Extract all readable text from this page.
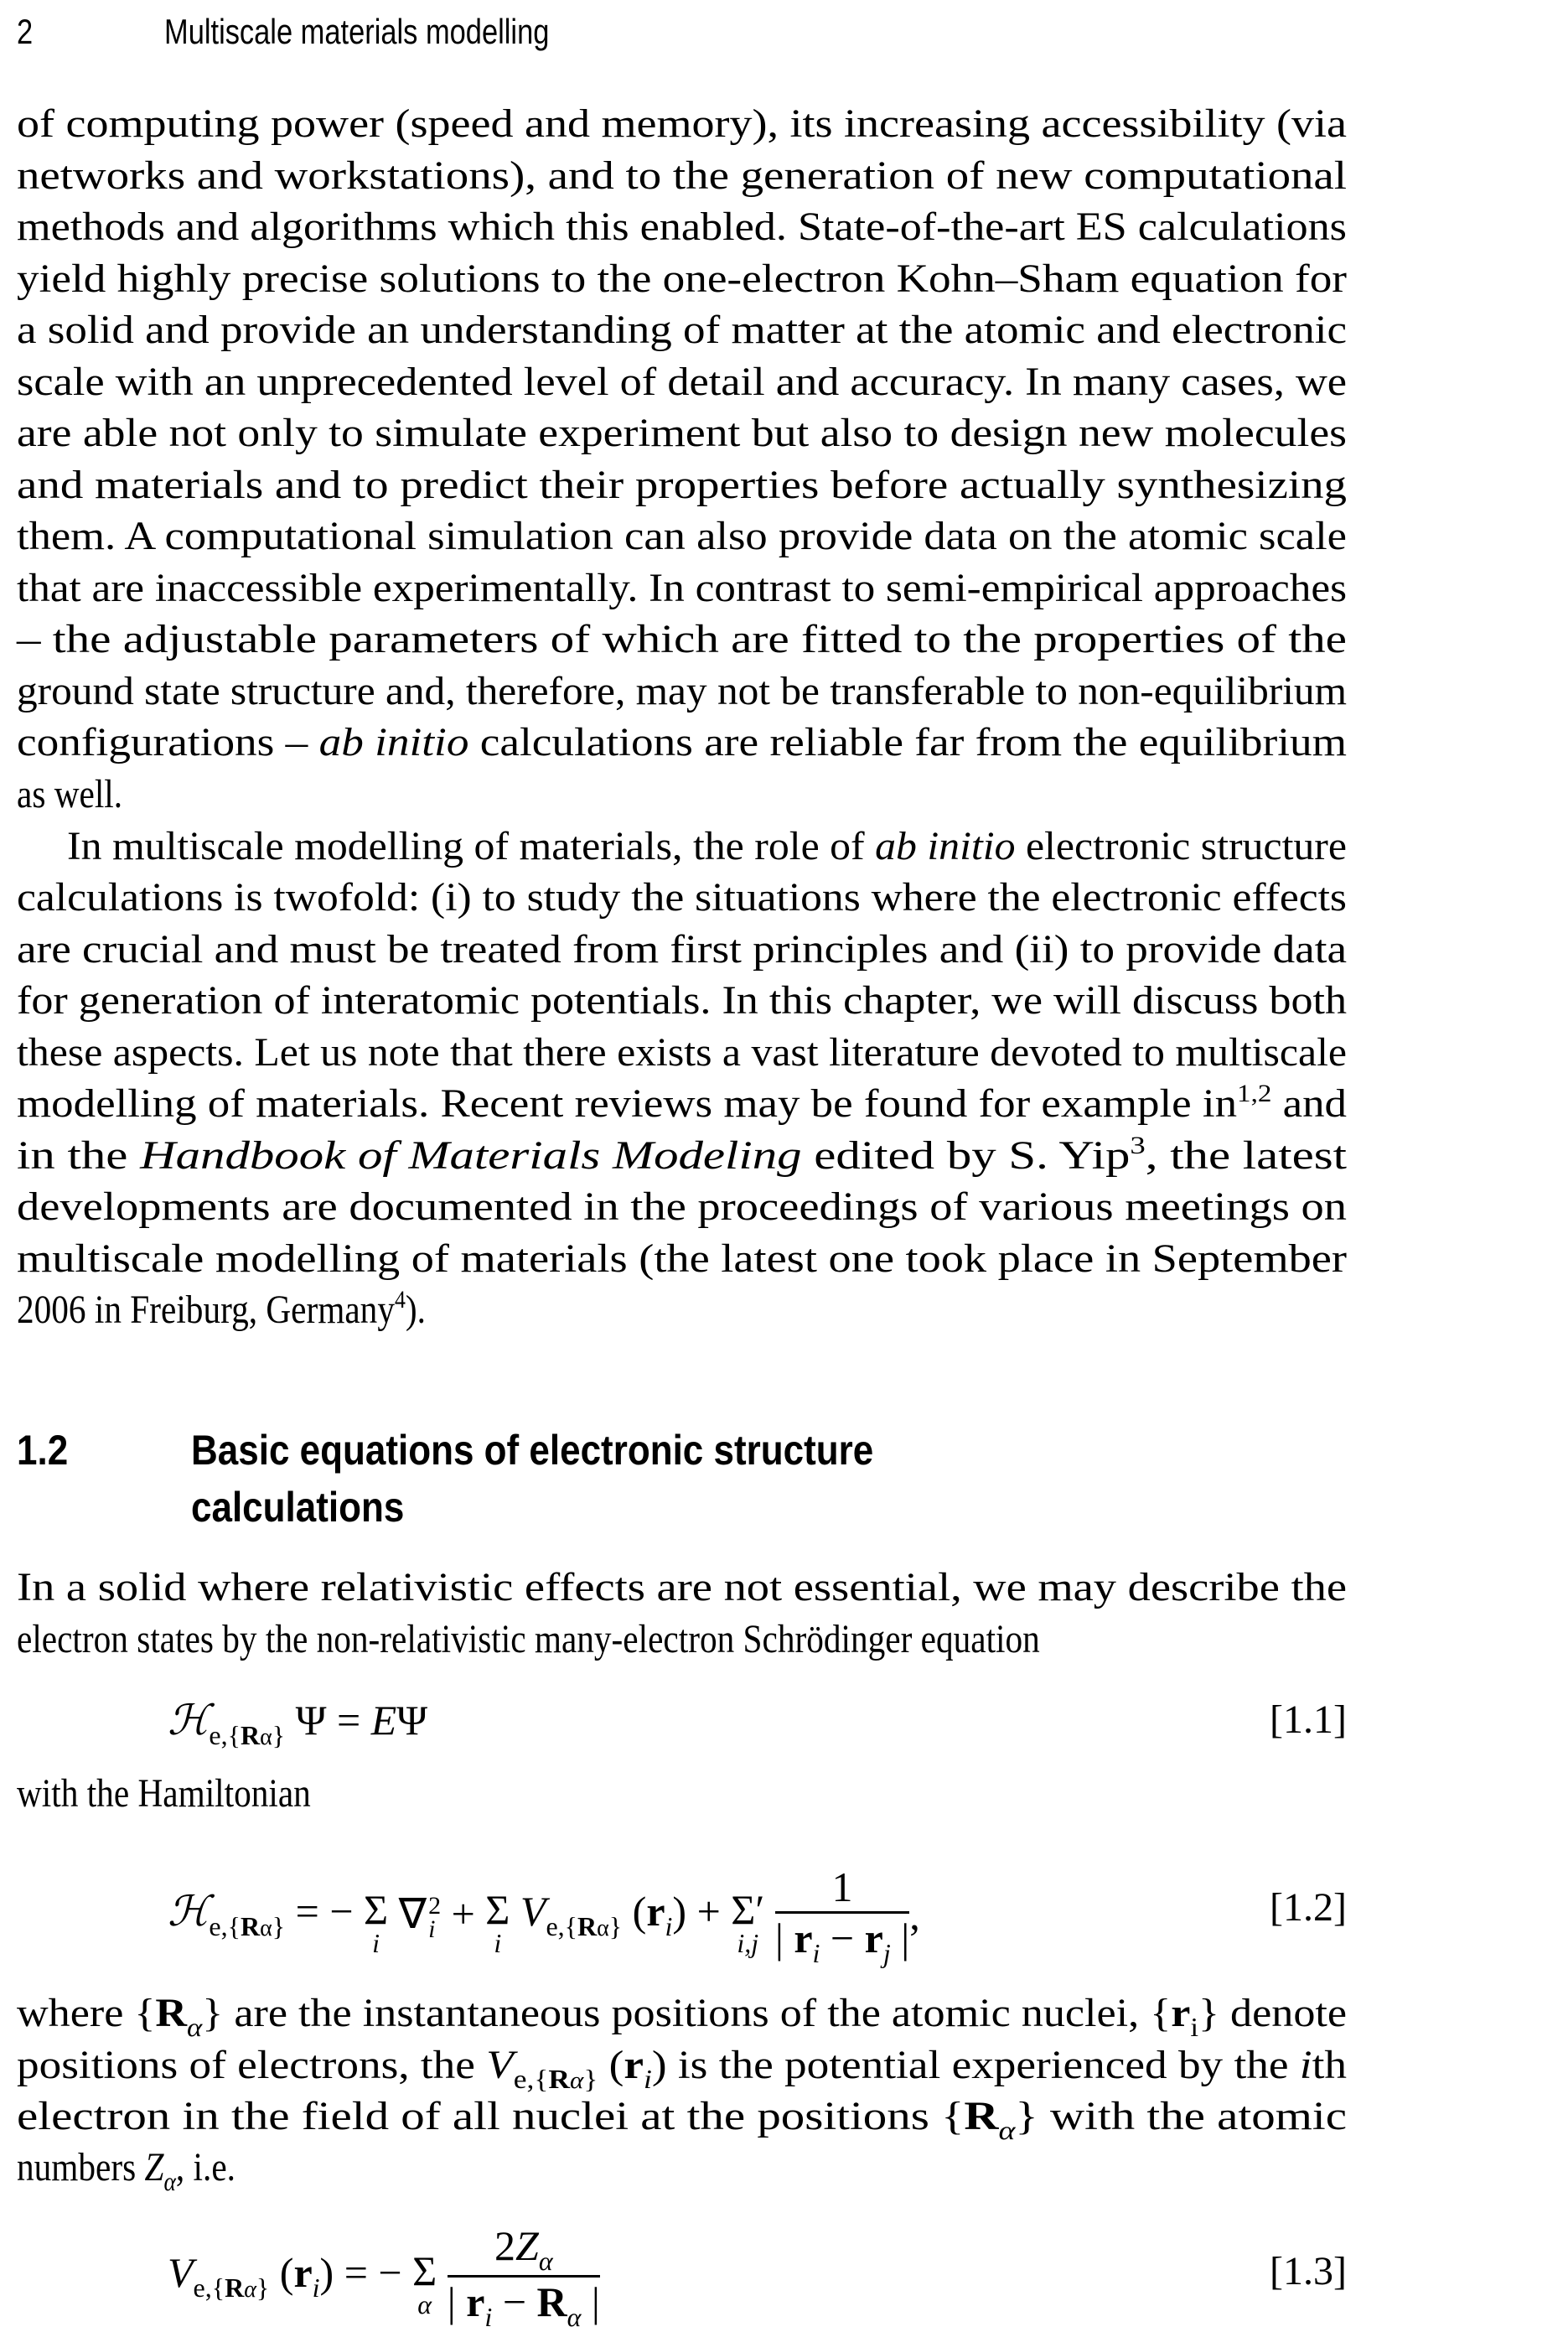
2	Multiscale materials modelling
of computing power (speed and memory), its increasing accessibility (via
networks and workstations), and to the generation of new computational
methods and algorithms which this enabled. State-of-the-art ES calculations
yield highly precise solutions to the one-electron Kohn–Sham equation for
a solid and provide an understanding of matter at the atomic and electronic
scale with an unprecedented level of detail and accuracy. In many cases, we
are able not only to simulate experiment but also to design new molecules
and materials and to predict their properties before actually synthesizing
them. A computational simulation can also provide data on the atomic scale
that are inaccessible experimentally. In contrast to semi-empirical approaches
– the adjustable parameters of which are fitted to the properties of the
ground state structure and, therefore, may not be transferable to non-equilibrium
configurations – ab initio calculations are reliable far from the equilibrium
as well.
In multiscale modelling of materials, the role of ab initio electronic structure
calculations is twofold: (i) to study the situations where the electronic effects
are crucial and must be treated from first principles and (ii) to provide data
for generation of interatomic potentials. In this chapter, we will discuss both
these aspects. Let us note that there exists a vast literature devoted to multiscale
modelling of materials. Recent reviews may be found for example in$^{1,2}$ and
in the Handbook of Materials Modeling edited by S. Yip$^3$, the latest
developments are documented in the proceedings of various meetings on
multiscale modelling of materials (the latest one took place in September
2006 in Freiburg, Germany$^4$).
1.2	Basic equations of electronic structure
calculations
In a solid where relativistic effects are not essential, we may describe the
electron states by the non-relativistic many-electron Schrödinger equation
ℋ$_{e,\{R\alpha\}}$ Ψ = EΨ	[1.1]
with the Hamiltonian
ℋ$_{e,\{R\alpha\}}$ = − Σ
i
∇ 2
i + Σ
i
$V_{e,\{R\alpha\}}$ $(r_i) + \Sigma'$
i,j
$\frac{1}{| r_i - r_j |}$ ,	[1.2]
where $\{R_\alpha\}$ are the instantaneous positions of the atomic nuclei, $\{r_i\}$ denote
positions of electrons, the $V_{e,\{R\alpha\}}$ $(r_i)$ is the potential experienced by the ith
electron in the field of all nuclei at the positions $\{R_\alpha\}$ with the atomic
numbers $Z_\alpha$, i.e.
$V_{e,\{R\alpha\}}$ $(r_i)$ = − Σ
α
$\frac{2Z_\alpha}{| r_i - R_\alpha |}$	[1.3]
